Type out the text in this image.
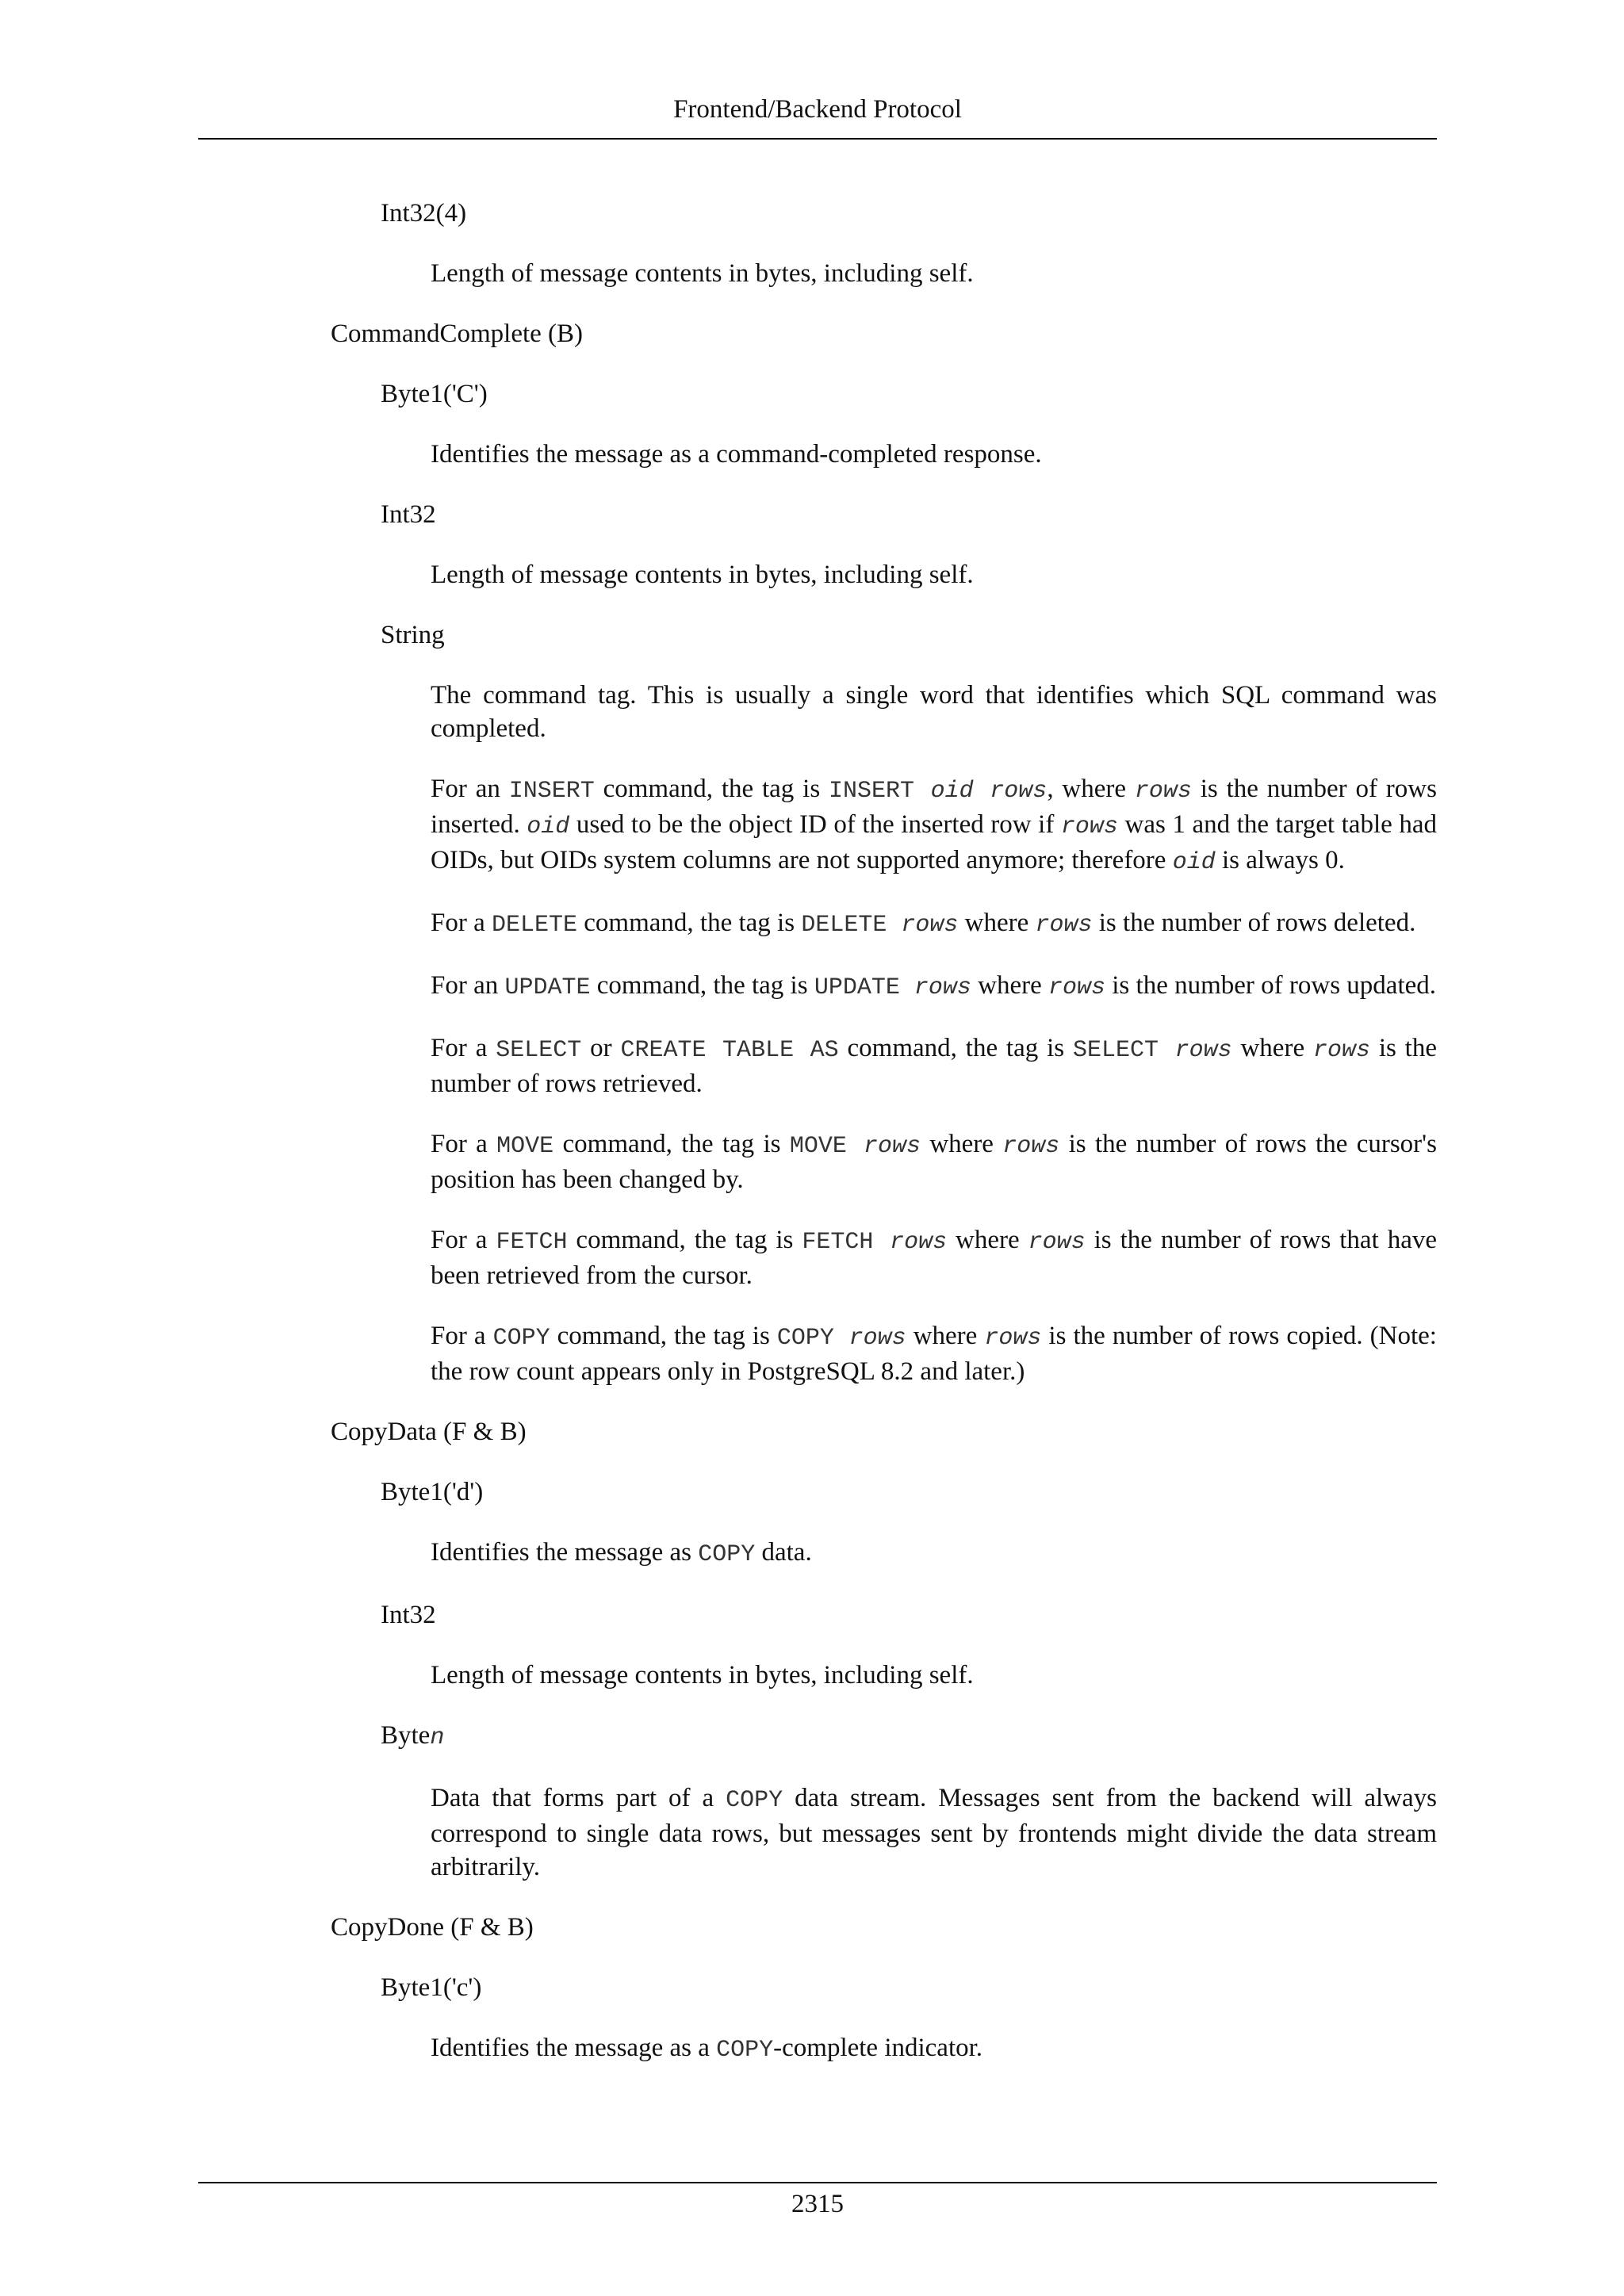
Frontend/Backend Protocol

Int32(4)

Length of message contents in bytes, including self.

CommandComplete (B)

Byte1('C')

Identifies the message as a command-completed response.

Int32

Length of message contents in bytes, including self.

String

The command tag. This is usually a single word that identifies which SQL command was completed.

For an INSERT command, the tag is INSERT oid rows, where rows is the number of rows inserted. oid used to be the object ID of the inserted row if rows was 1 and the target table had OIDs, but OIDs system columns are not supported anymore; therefore oid is always 0.

For a DELETE command, the tag is DELETE rows where rows is the number of rows deleted.

For an UPDATE command, the tag is UPDATE rows where rows is the number of rows updated.

For a SELECT or CREATE TABLE AS command, the tag is SELECT rows where rows is the number of rows retrieved.

For a MOVE command, the tag is MOVE rows where rows is the number of rows the cursor's position has been changed by.

For a FETCH command, the tag is FETCH rows where rows is the number of rows that have been retrieved from the cursor.

For a COPY command, the tag is COPY rows where rows is the number of rows copied. (Note: the row count appears only in PostgreSQL 8.2 and later.)

CopyData (F & B)

Byte1('d')

Identifies the message as COPY data.

Int32

Length of message contents in bytes, including self.

Byten

Data that forms part of a COPY data stream. Messages sent from the backend will always correspond to single data rows, but messages sent by frontends might divide the data stream arbitrarily.

CopyDone (F & B)

Byte1('c')

Identifies the message as a COPY-complete indicator.

2315
